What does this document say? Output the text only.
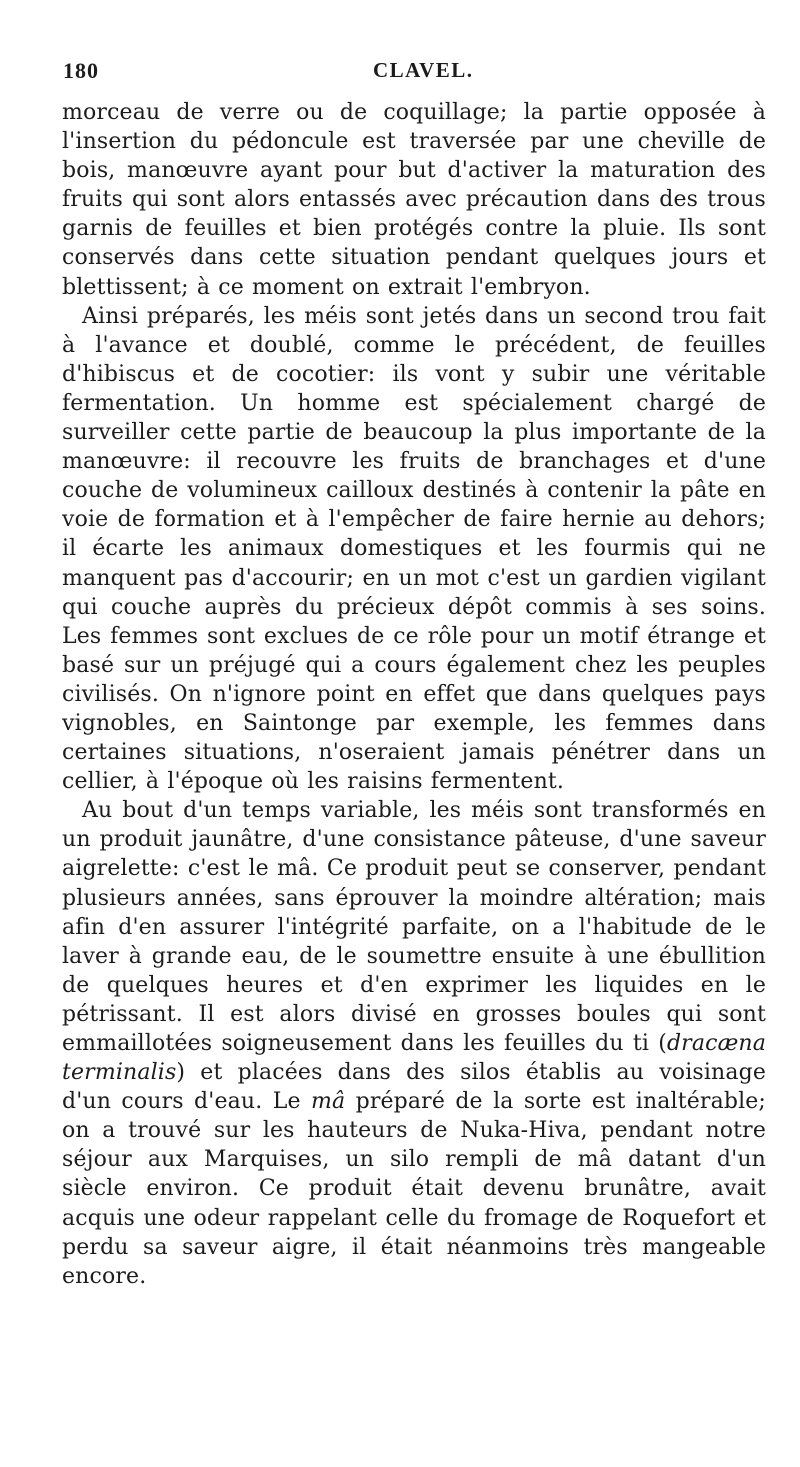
180	CLAVEL.

morceau de verre ou de coquillage; la partie opposée à l'insertion du pédoncule est traversée par une cheville de bois, manœuvre ayant pour but d'activer la maturation des fruits qui sont alors entassés avec précaution dans des trous garnis de feuilles et bien protégés contre la pluie. Ils sont conservés dans cette situation pendant quelques jours et blettissent; à ce moment on extrait l'embryon.

Ainsi préparés, les méis sont jetés dans un second trou fait à l'avance et doublé, comme le précédent, de feuilles d'hibiscus et de cocotier: ils vont y subir une véritable fermentation. Un homme est spécialement chargé de surveiller cette partie de beaucoup la plus importante de la manœuvre: il recouvre les fruits de branchages et d'une couche de volumineux cailloux destinés à contenir la pâte en voie de formation et à l'empêcher de faire hernie au dehors; il écarte les animaux domestiques et les fourmis qui ne manquent pas d'accourir; en un mot c'est un gardien vigilant qui couche auprès du précieux dépôt commis à ses soins. Les femmes sont exclues de ce rôle pour un motif étrange et basé sur un préjugé qui a cours également chez les peuples civilisés. On n'ignore point en effet que dans quelques pays vignobles, en Saintonge par exemple, les femmes dans certaines situations, n'oseraient jamais pénétrer dans un cellier, à l'époque où les raisins fermentent.

Au bout d'un temps variable, les méis sont transformés en un produit jaunâtre, d'une consistance pâteuse, d'une saveur aigrelette: c'est le mâ. Ce produit peut se conserver, pendant plusieurs années, sans éprouver la moindre altération; mais afin d'en assurer l'intégrité parfaite, on a l'habitude de le laver à grande eau, de le soumettre ensuite à une ébullition de quelques heures et d'en exprimer les liquides en le pétrissant. Il est alors divisé en grosses boules qui sont emmaillotées soigneusement dans les feuilles du ti (dracæna terminalis) et placées dans des silos établis au voisinage d'un cours d'eau. Le mâ préparé de la sorte est inaltérable; on a trouvé sur les hauteurs de Nuka-Hiva, pendant notre séjour aux Marquises, un silo rempli de mâ datant d'un siècle environ. Ce produit était devenu brunâtre, avait acquis une odeur rappelant celle du fromage de Roquefort et perdu sa saveur aigre, il était néanmoins très mangeable encore.
